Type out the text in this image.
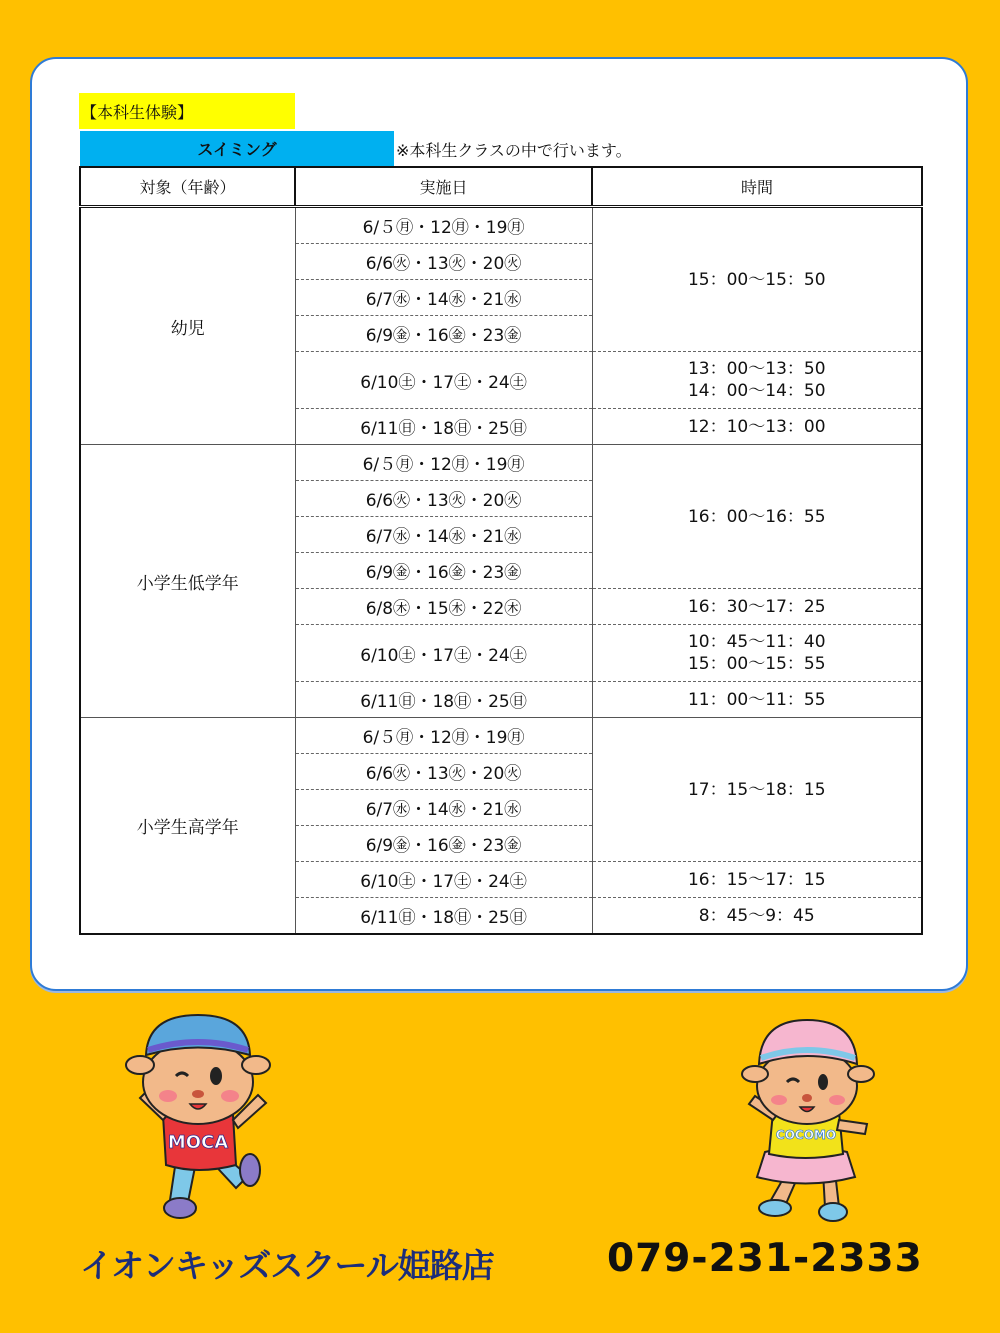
【本科生体験】
スイミング	※本科生クラスの中で行います。
対象（年齢）	実施日	時間
幼児	6/５㊊・12㊊・19㊊	15：00～15：50
	6/6㊋・13㊋・20㊋	
	6/7㊌・14㊌・21㊌	
	6/9㊎・16㊎・23㊎	
	6/10㊏・17㊏・24㊏	13：00～13：50
14：00～14：50
	6/11㊐・18㊐・25㊐	12：10～13：00
小学生低学年	6/５㊊・12㊊・19㊊	16：00～16：55
	6/6㊋・13㊋・20㊋	
	6/7㊌・14㊌・21㊌	
	6/9㊎・16㊎・23㊎	
	6/8㊍・15㊍・22㊍	16：30～17：25
	6/10㊏・17㊏・24㊏	10：45～11：40
15：00～15：55
	6/11㊐・18㊐・25㊐	11：00～11：55
小学生高学年	6/５㊊・12㊊・19㊊	17：15～18：15
	6/6㊋・13㊋・20㊋	
	6/7㊌・14㊌・21㊌	
	6/9㊎・16㊎・23㊎	
	6/10㊏・17㊏・24㊏	16：15～17：15
	6/11㊐・18㊐・25㊐	8：45～9：45
MOCA	COCOMO
イオンキッズスクール姫路店	079-231-2333
